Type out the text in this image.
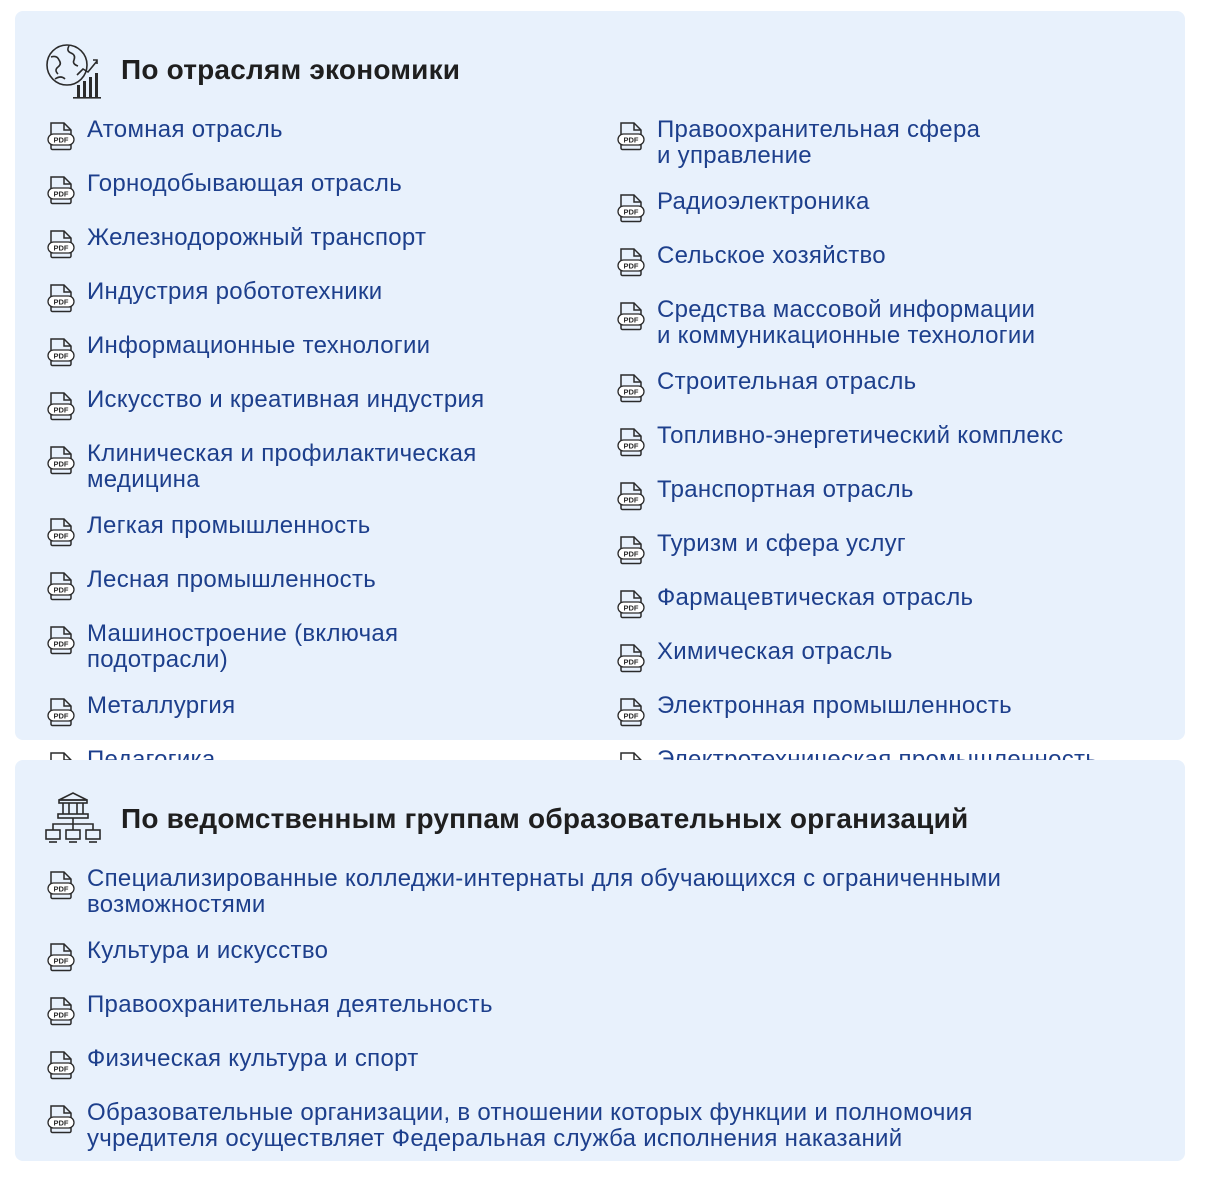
По отраслям экономики
PDF Атомная отрасль
PDF Горнодобывающая отрасль
PDF Железнодорожный транспорт
PDF Индустрия робототехники
PDF Информационные технологии
PDF Искусство и креативная индустрия
PDF Клиническая и профилактическая
медицина
PDF Легкая промышленность
PDF Лесная промышленность
PDF Машиностроение (включая
подотрасли)
PDF Металлургия
PDF Правоохранительная сфера
и управление
PDF Радиоэлектроника
PDF Сельское хозяйство
PDF Средства массовой информации
и коммуникационные технологии
PDF Строительная отрасль
PDF Топливно-энергетический комплекс
PDF Транспортная отрасль
PDF Туризм и сфера услуг
PDF Фармацевтическая отрасль
PDF Химическая отрасль
PDF Электронная промышленность
По ведомственным группам образовательных организаций
PDF Специализированные колледжи-интернаты для обучающихся с ограниченными
возможностями
PDF Культура и искусство
PDF Правоохранительная деятельность
PDF Физическая культура и спорт
PDF Образовательные организации, в отношении которых функции и полномочия
учредителя осуществляет Федеральная служба исполнения наказаний
